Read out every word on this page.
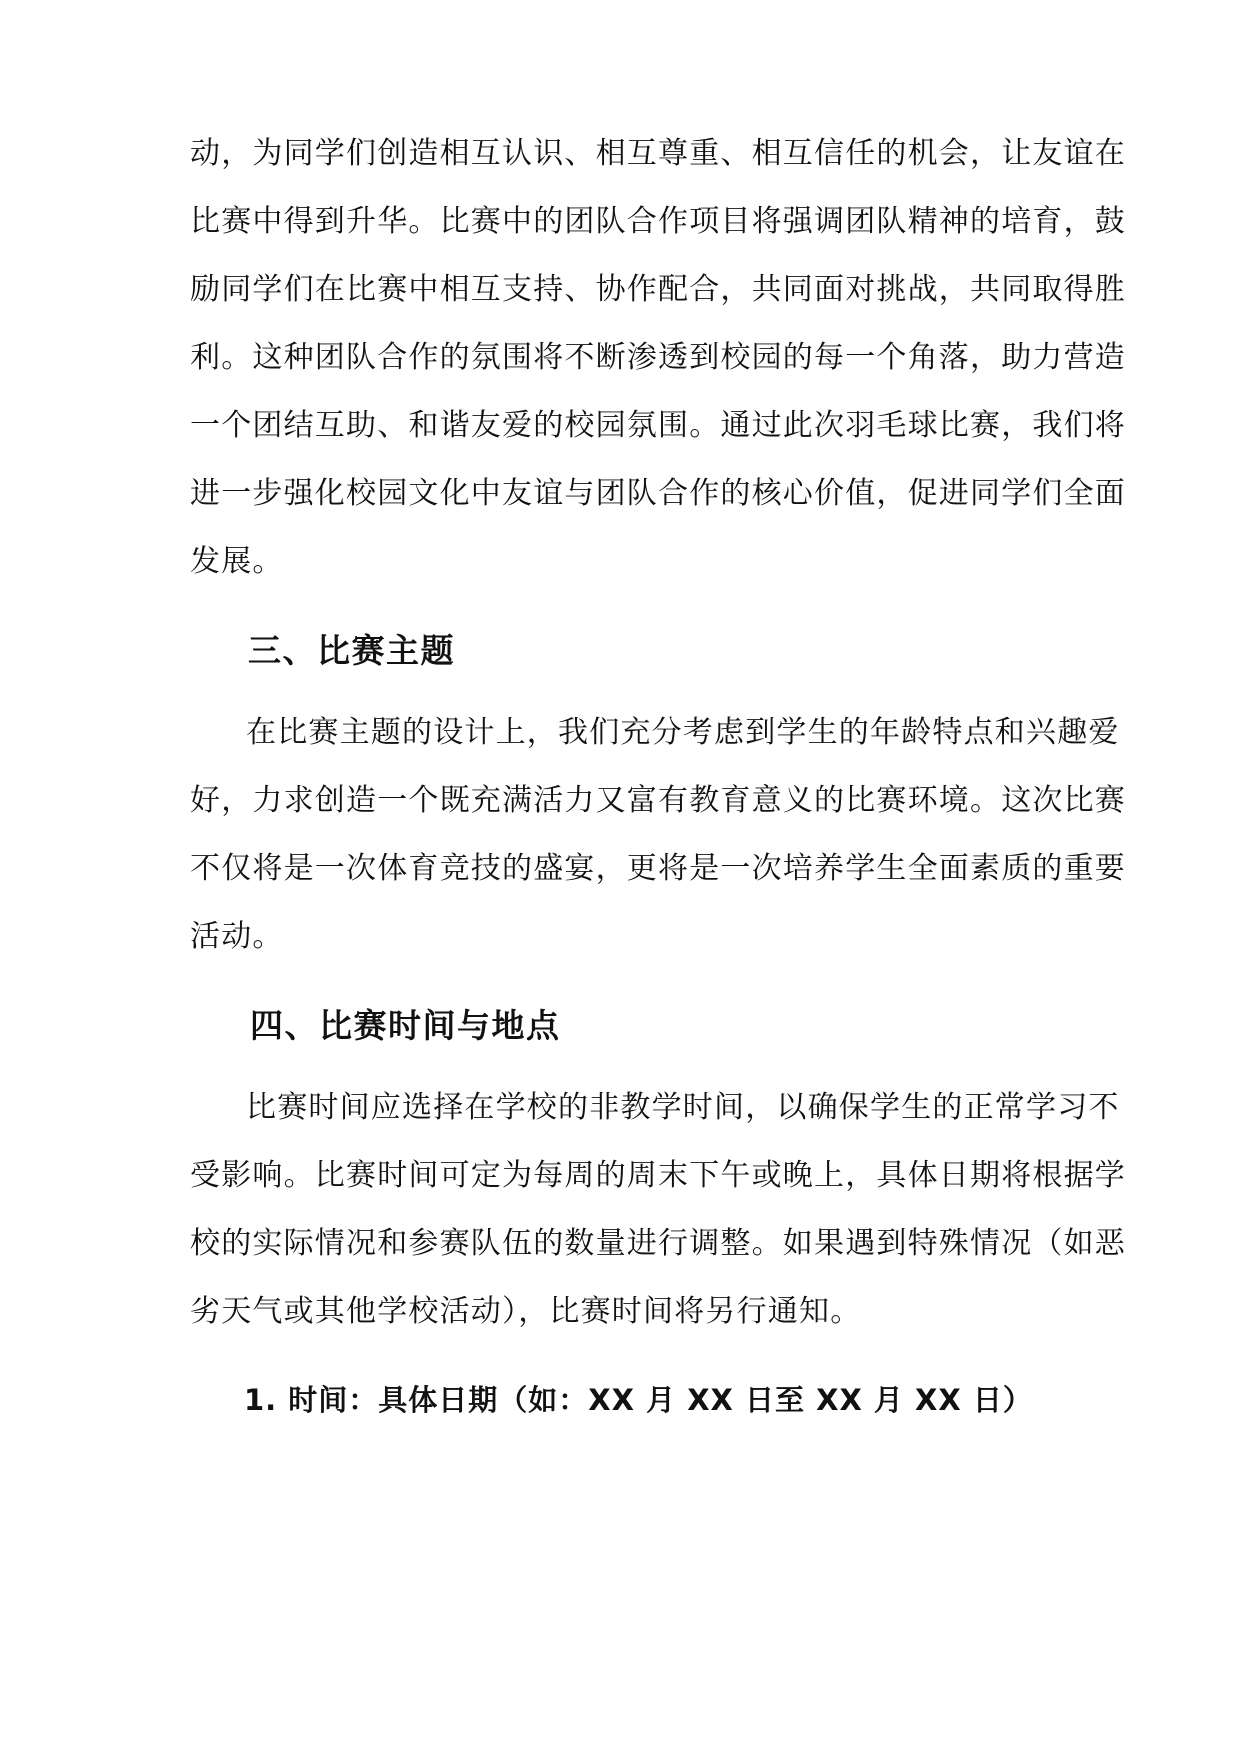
动，为同学们创造相互认识、相互尊重、相互信任的机会，让友谊在
比赛中得到升华。比赛中的团队合作项目将强调团队精神的培育，鼓
励同学们在比赛中相互支持、协作配合，共同面对挑战，共同取得胜
利。这种团队合作的氛围将不断渗透到校园的每一个角落，助力营造
一个团结互助、和谐友爱的校园氛围。通过此次羽毛球比赛，我们将
进一步强化校园文化中友谊与团队合作的核心价值，促进同学们全面
发展。
三、比赛主题
在比赛主题的设计上，我们充分考虑到学生的年龄特点和兴趣爱
好，力求创造一个既充满活力又富有教育意义的比赛环境。这次比赛
不仅将是一次体育竞技的盛宴，更将是一次培养学生全面素质的重要
活动。
四、比赛时间与地点
比赛时间应选择在学校的非教学时间，以确保学生的正常学习不
受影响。比赛时间可定为每周的周末下午或晚上，具体日期将根据学
校的实际情况和参赛队伍的数量进行调整。如果遇到特殊情况（如恶
劣天气或其他学校活动），比赛时间将另行通知。
1. 时间：具体日期（如：XX 月 XX 日至 XX 月 XX 日）
